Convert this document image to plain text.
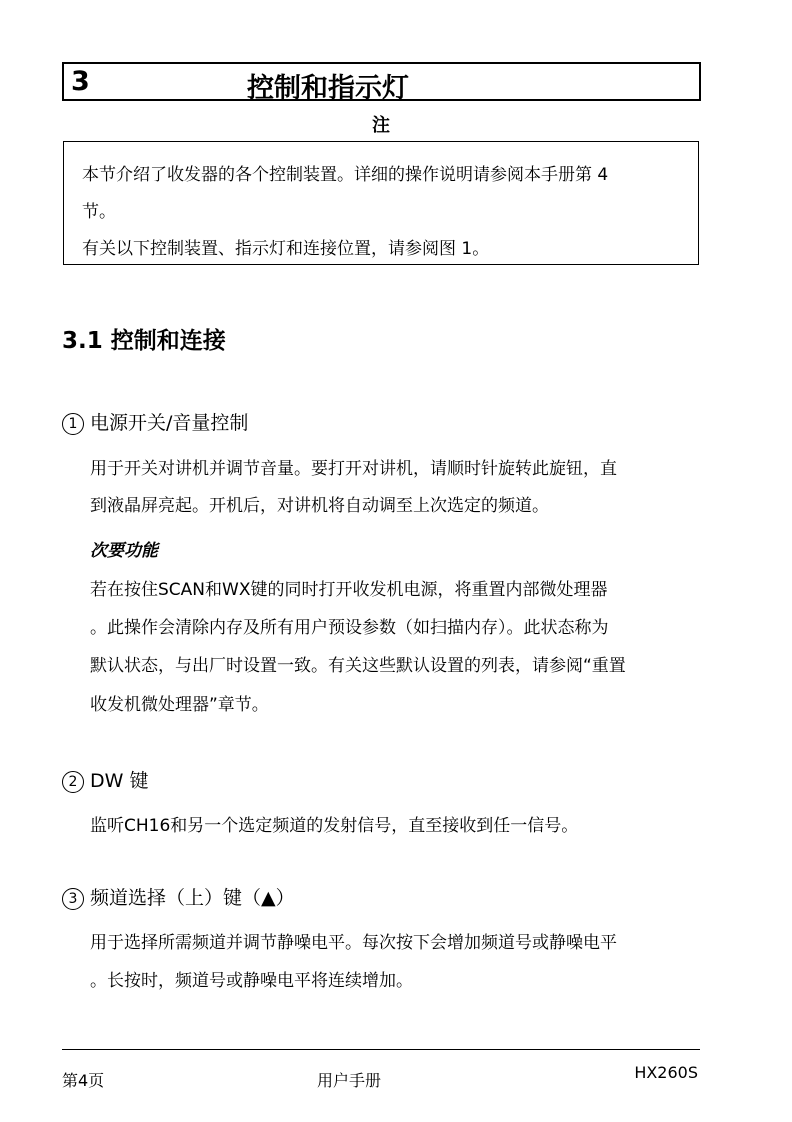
3	控制和指示灯
注
本节介绍了收发器的各个控制装置。详细的操作说明请参阅本手册第 4
节。
有关以下控制装置、指示灯和连接位置，请参阅图 1。
3.1 控制和连接
1 电源开关/音量控制
用于开关对讲机并调节音量。要打开对讲机，请顺时针旋转此旋钮，直
到液晶屏亮起。开机后，对讲机将自动调至上次选定的频道。
次要功能
若在按住SCAN和WX键的同时打开收发机电源，将重置内部微处理器
。此操作会清除内存及所有用户预设参数（如扫描内存）。此状态称为
默认状态，与出厂时设置一致。有关这些默认设置的列表，请参阅“重置
收发机微处理器”章节。
2 DW 键
监听CH16和另一个选定频道的发射信号，直至接收到任一信号。
3 频道选择（上）键（▲）
用于选择所需频道并调节静噪电平。每次按下会增加频道号或静噪电平
。长按时，频道号或静噪电平将连续增加。
第4页	用户手册	HX260S
